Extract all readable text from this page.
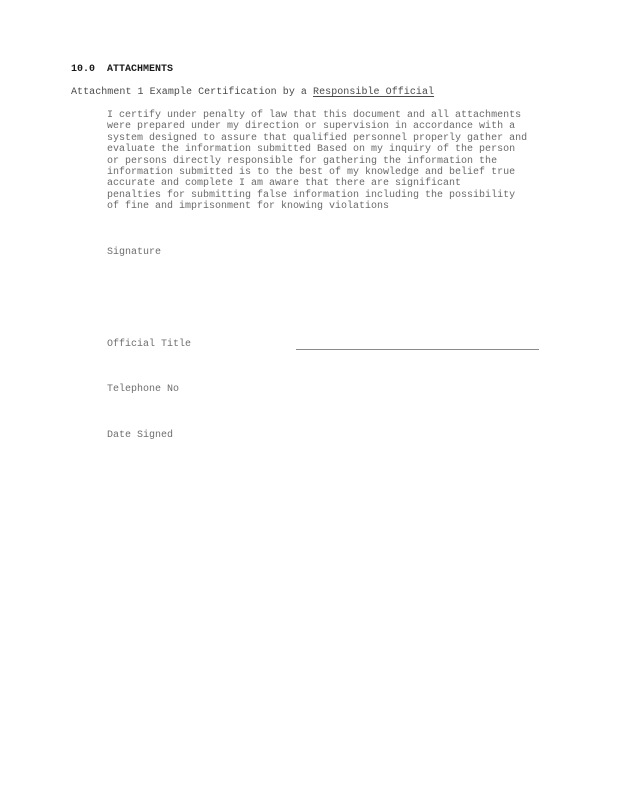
10.0 ATTACHMENTS
Attachment 1 Example Certification by a Responsible Official
I certify under penalty of law that this document and all attachments
were prepared under my direction or supervision in accordance with a
system designed to assure that qualified personnel properly gather and
evaluate the information submitted Based on my inquiry of the person
or persons directly responsible for gathering the information the
information submitted is to the best of my knowledge and belief true
accurate and complete I am aware that there are significant
penalties for submitting false information including the possibility
of fine and imprisonment for knowing violations
Signature
Official Title
Telephone No
Date Signed
